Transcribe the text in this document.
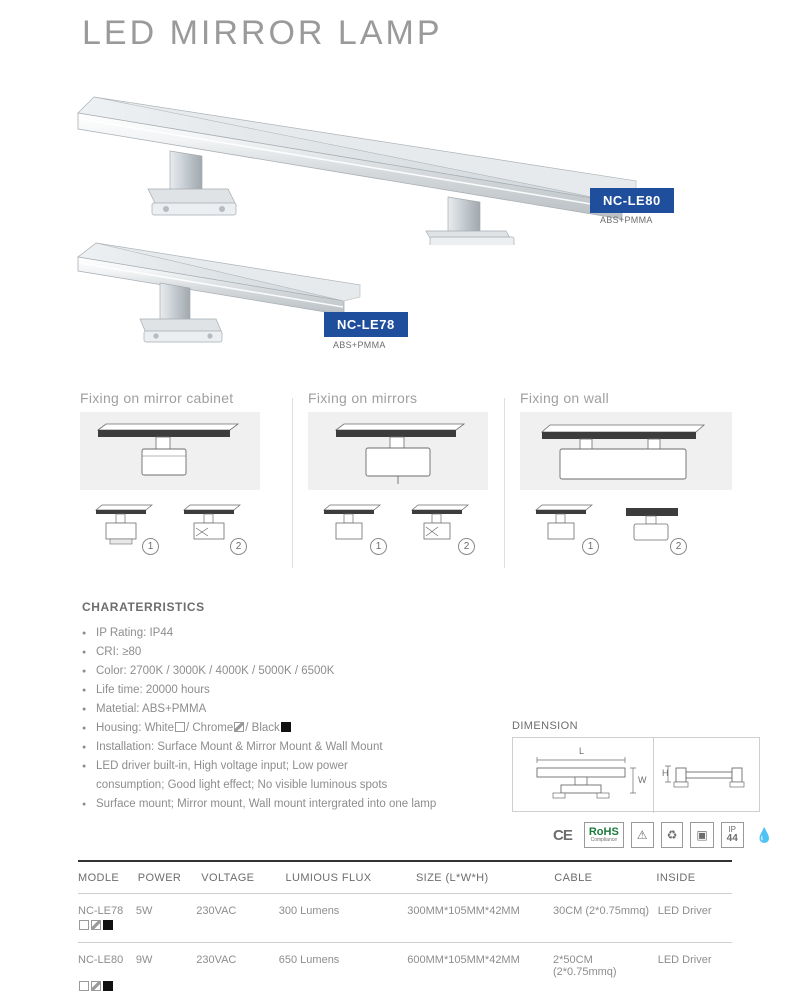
LED MIRROR LAMP
NC-LE80
ABS+PMMA
NC-LE78
ABS+PMMA
Fixing on mirror cabinet
1	2
Fixing on mirrors
1	2
Fixing on wall
1	2
CHARATERRISTICS
● IP Rating: IP44
● CRI: ≥80
● Color: 2700K / 3000K / 4000K / 5000K / 6500K
● Life time: 20000 hours
● Matetial: ABS+PMMA
● Housing: White / Chrome / Black
● Installation: Surface Mount & Mirror Mount & Wall Mount
● LED driver built-in, High voltage input; Low power
consumption; Good light effect; No visible luminous spots
● Surface mount; Mirror mount, Wall mount intergrated into one lamp
DIMENSION
L
W
H
CE	RoHS
Compliance	⚠	♻	▣	IP
44	💧
MODLE	POWER	VOLTAGE	LUMIOUS FLUX	SIZE (L*W*H)	CABLE	INSIDE
NC-LE78	5W	230VAC	300 Lumens	300MM*105MM*42MM	30CM (2*0.75mmq)	LED Driver

NC-LE80	9W	230VAC	650 Lumens	600MM*105MM*42MM	2*50CM (2*0.75mmq)	LED Driver
